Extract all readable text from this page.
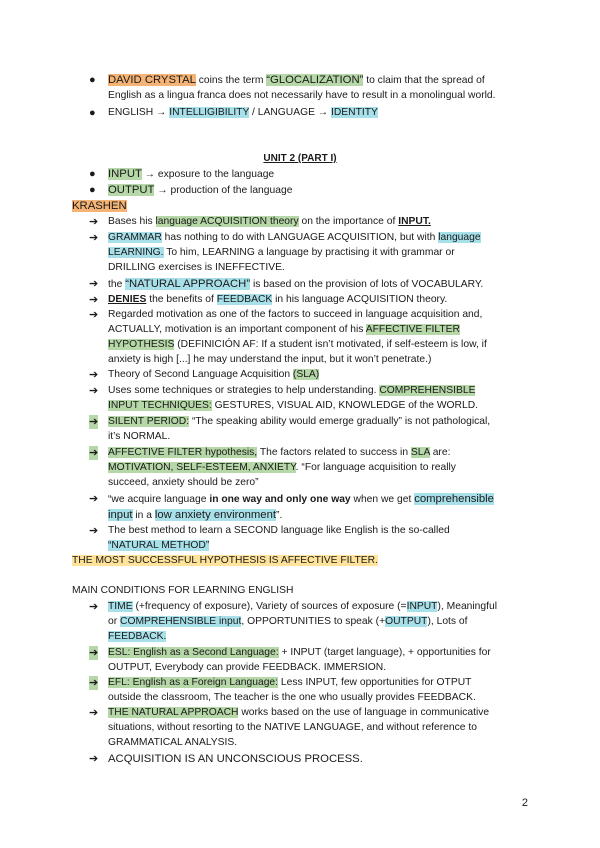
● DAVID CRYSTAL coins the term “GLOCALIZATION” to claim that the spread of
English as a lingua franca does not necessarily have to result in a monolingual world.
● ENGLISH → INTELLIGIBILITY / LANGUAGE → IDENTITY
UNIT 2 (PART I)
● INPUT → exposure to the language
● OUTPUT → production of the language
KRASHEN
➔ Bases his language ACQUISITION theory on the importance of INPUT.
➔ GRAMMAR has nothing to do with LANGUAGE ACQUISITION, but with language
LEARNING. To him, LEARNING a language by practising it with grammar or
DRILLING exercises is INEFFECTIVE.
➔ the “NATURAL APPROACH” is based on the provision of lots of VOCABULARY.
➔ DENIES the benefits of FEEDBACK in his language ACQUISITION theory.
➔ Regarded motivation as one of the factors to succeed in language acquisition and,
ACTUALLY, motivation is an important component of his AFFECTIVE FILTER
HYPOTHESIS (DEFINICIÓN AF: If a student isn’t motivated, if self-esteem is low, if
anxiety is high [...] he may understand the input, but it won’t penetrate.)
➔ Theory of Second Language Acquisition (SLA)
➔ Uses some techniques or strategies to help understanding. COMPREHENSIBLE
INPUT TECHNIQUES: GESTURES, VISUAL AID, KNOWLEDGE of the WORLD.
➔ SILENT PERIOD: “The speaking ability would emerge gradually” is not pathological,
it’s NORMAL.
➔ AFFECTIVE FILTER hypothesis, The factors related to success in SLA are:
MOTIVATION, SELF-ESTEEM, ANXIETY. “For language acquisition to really
succeed, anxiety should be zero”
➔ “we acquire language in one way and only one way when we get comprehensible
input in a low anxiety environment”.
➔ The best method to learn a SECOND language like English is the so-called
“NATURAL METHOD”
THE MOST SUCCESSFUL HYPOTHESIS IS AFFECTIVE FILTER.
MAIN CONDITIONS FOR LEARNING ENGLISH
➔ TIME (+frequency of exposure), Variety of sources of exposure (=INPUT), Meaningful
or COMPREHENSIBLE input, OPPORTUNITIES to speak (+OUTPUT), Lots of
FEEDBACK.
➔ ESL: English as a Second Language: + INPUT (target language), + opportunities for
OUTPUT, Everybody can provide FEEDBACK. IMMERSION.
➔ EFL: English as a Foreign Language: Less INPUT, few opportunities for OTPUT
outside the classroom, The teacher is the one who usually provides FEEDBACK.
➔ THE NATURAL APPROACH works based on the use of language in communicative
situations, without resorting to the NATIVE LANGUAGE, and without reference to
GRAMMATICAL ANALYSIS.
➔ ACQUISITION IS AN UNCONSCIOUS PROCESS.
2
